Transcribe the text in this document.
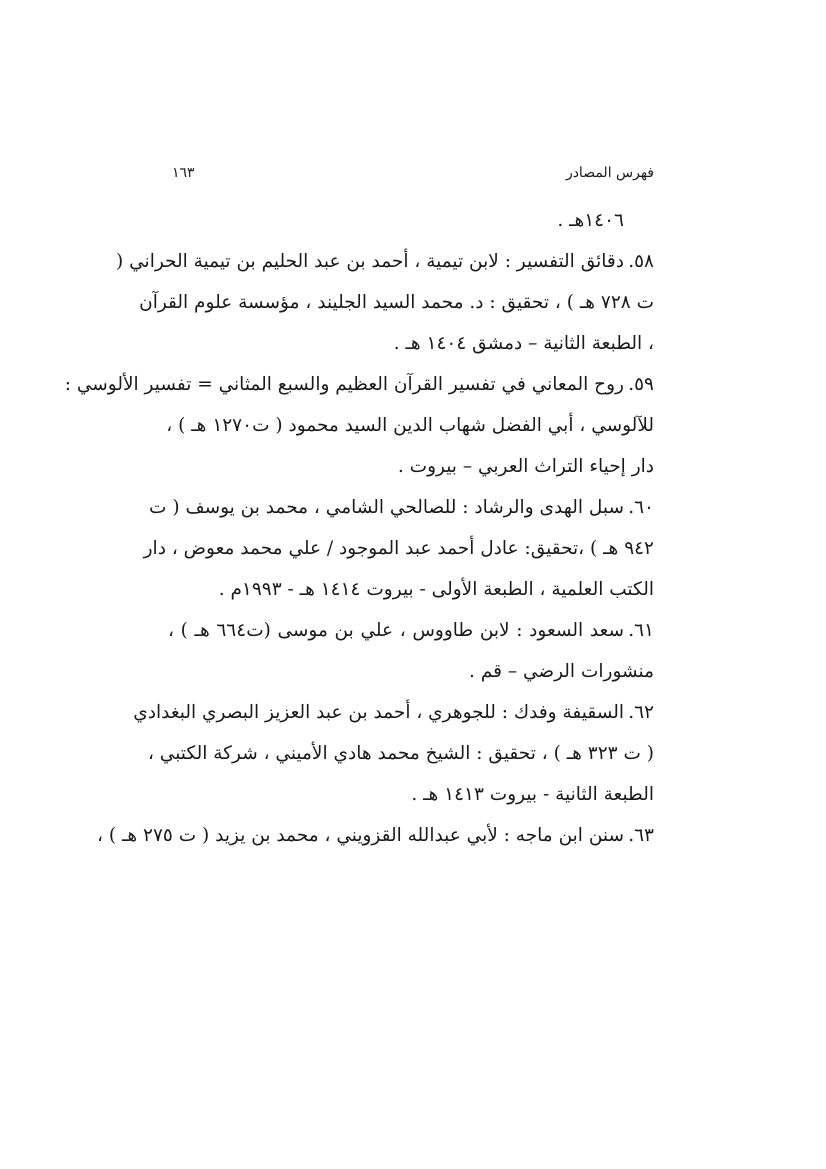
فهرس المصادر
١٦٣
١٤٠٦هـ .
٥٨.
دقائق التفسير : لابن تيمية ، أحمد بن عبد الحليم بن تيمية الحراني (
ت ٧٢٨ هـ ) ، تحقيق : د. محمد السيد الجليند ، مؤسسة علوم القرآن
، الطبعة الثانية – دمشق ١٤٠٤ هـ .
٥٩.
روح المعاني في تفسير القرآن العظيم والسبع المثاني = تفسير الألوسي :
للآلوسي ، أبي الفضل شهاب الدين السيد محمود ( ت١٢٧٠ هـ ) ،
دار إحياء التراث العربي – بيروت .
٦٠.
سبل الهدى والرشاد : للصالحي الشامي ، محمد بن يوسف ( ت
٩٤٢ هـ ) ،تحقيق: عادل أحمد عبد الموجود / علي محمد معوض ، دار
الكتب العلمية ، الطبعة الأولى - بيروت ١٤١٤ هـ - ١٩٩٣م .
٦١.
سعد السعود : لابن طاووس ، علي بن موسى (ت٦٦٤ هـ ) ،
منشورات الرضي – قم .
٦٢.
السقيفة وفدك : للجوهري ، أحمد بن عبد العزيز البصري البغدادي
( ت ٣٢٣ هـ ) ، تحقيق : الشيخ محمد هادي الأميني ، شركة الكتبي ،
الطبعة الثانية - بيروت ١٤١٣ هـ .
٦٣.
سنن ابن ماجه : لأبي عبدالله القزويني ، محمد بن يزيد ( ت ٢٧٥ هـ ) ،
